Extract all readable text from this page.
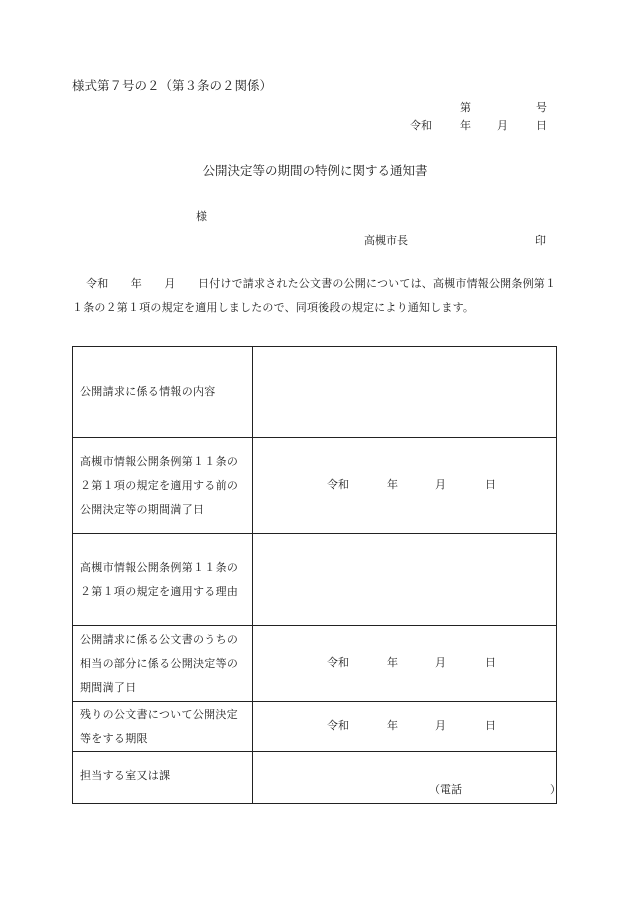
様式第７号の２（第３条の２関係）
第	号
令和	年 月	日
公開決定等の期間の特例に関する通知書
様
高槻市長	印
令和　　年　　月　　日付けで請求された公文書の公開については、高槻市情報公開条例第１１条の２第１項の規定を適用しましたので、同項後段の規定により通知します。
公開請求に係る情報の内容	
高槻市情報公開条例第１１条の２第１項の規定を適用する前の公開決定等の期間満了日	令和 年 月 日

高槻市情報公開条例第１１条の２第１項の規定を適用する理由	
公開請求に係る公文書のうちの相当の部分に係る公開決定等の期間満了日	令和 年 月 日

残りの公文書について公開決定等をする期限	令和 年 月 日

担当する室又は課	（電話 ）
